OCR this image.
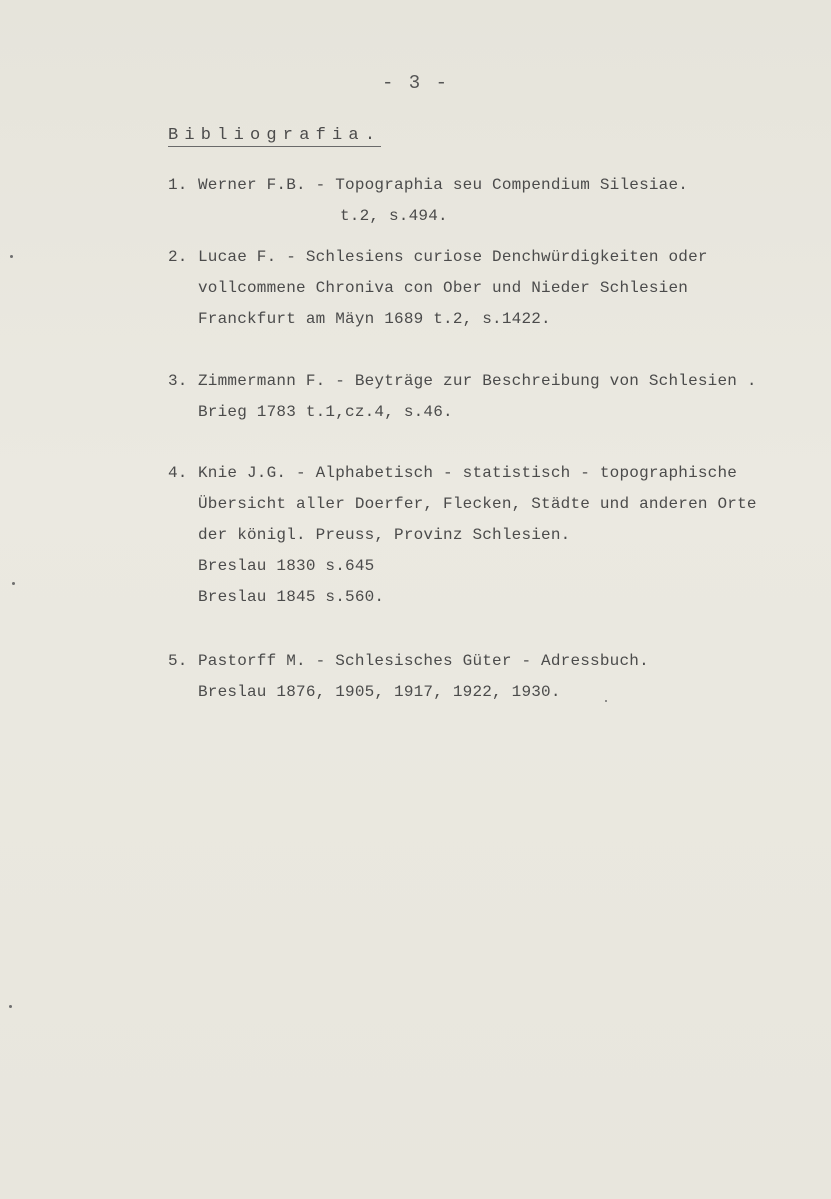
- 3 -
Bibliografia.
1. Werner F.B. - Topographia seu Compendium Silesiae.
t.2, s.494.
2. Lucae F. - Schlesiens curiose Denchwürdigkeiten oder
vollcommene Chroniva con Ober und Nieder Schlesien
Franckfurt am Mäyn 1689 t.2, s.1422.
3. Zimmermann F. - Beyträge zur Beschreibung von Schlesien .
Brieg 1783 t.1,cz.4, s.46.
4. Knie J.G. - Alphabetisch - statistisch - topographische
Übersicht aller Doerfer, Flecken, Städte und anderen Orte
der königl. Preuss, Provinz Schlesien.
Breslau 1830 s.645
Breslau 1845 s.560.
5. Pastorff M. - Schlesisches Güter - Adressbuch.
Breslau 1876, 1905, 1917, 1922, 1930.
